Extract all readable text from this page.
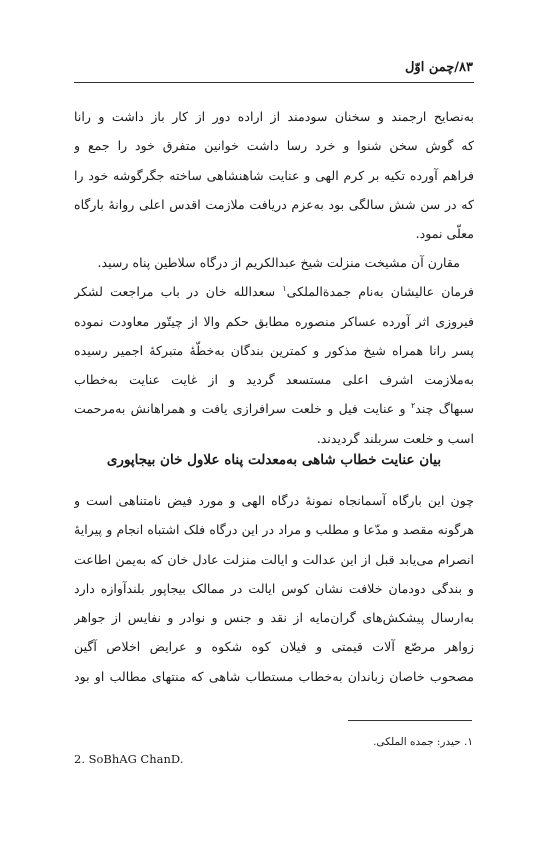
۸۳/چمن اوّل
به‌نصایح ارجمند و سخنان سودمند از اراده دور از کار باز داشت و رانا
که گوش سخن شنوا و خرد رسا داشت خوانین متفرق خود را جمع و
فراهم آورده تکیه بر کرم الهی و عنایت شاهنشاهی ساخته جگرگوشه خود را
که در سن شش سالگی بود به‌عزم دریافت ملازمت اقدس اعلی روانهٔ بارگاه
معلّی نمود.
مقارن آن مشیخت منزلت شیخ عبدالکریم از درگاه سلاطین پناه رسید.
فرمان عالیشان به‌نام جمدةالملکی$^۱$ سعدالله خان در باب مراجعت لشکر
فیروزی اثر آورده عساکر منصوره مطابق حکم والا از چیتّور معاودت نموده
پسر رانا همراه شیخ مذکور و کمترین بندگان به‌خطّهٔ متبرکهٔ اجمیر رسیده
به‌ملازمت اشرف اعلی مستسعد گردید و از غایت عنایت به‌خطاب
سبهاگ چند$^۲$ و عنایت فیل و خلعت سرافرازی یافت و همراهانش به‌مرحمت
اسب و خلعت سربلند گردیدند.
بیان عنایت خطاب شاهی به‌معدلت پناه علاول خان بیجاپوری
چون این بارگاه آسمانجاه نمونهٔ درگاه الهی و مورد فیض نامتناهی است و
هرگونه مقصد و مدّعا و مطلب و مراد در این درگاه فلک اشتباه انجام و پیرایهٔ
انصرام می‌یابد قبل از این عدالت و ایالت منزلت عادل خان که به‌یمن اطاعت
و بندگی دودمان خلافت نشان کوس ایالت در ممالک بیجاپور بلندآوازه دارد
به‌ارسال پیشکش‌های گران‌مایه از نقد و جنس و نوادر و نفایس از جواهر
زواهر مرصّع آلات قیمتی و فیلان کوه شکوه و عرایض اخلاص آگین
مصحوب خاصان زباندان به‌خطاب مستطاب شاهی که منتهای مطالب او بود
۱. حیدر: جمده الملکی.
2. SoBhAG ChanD.
